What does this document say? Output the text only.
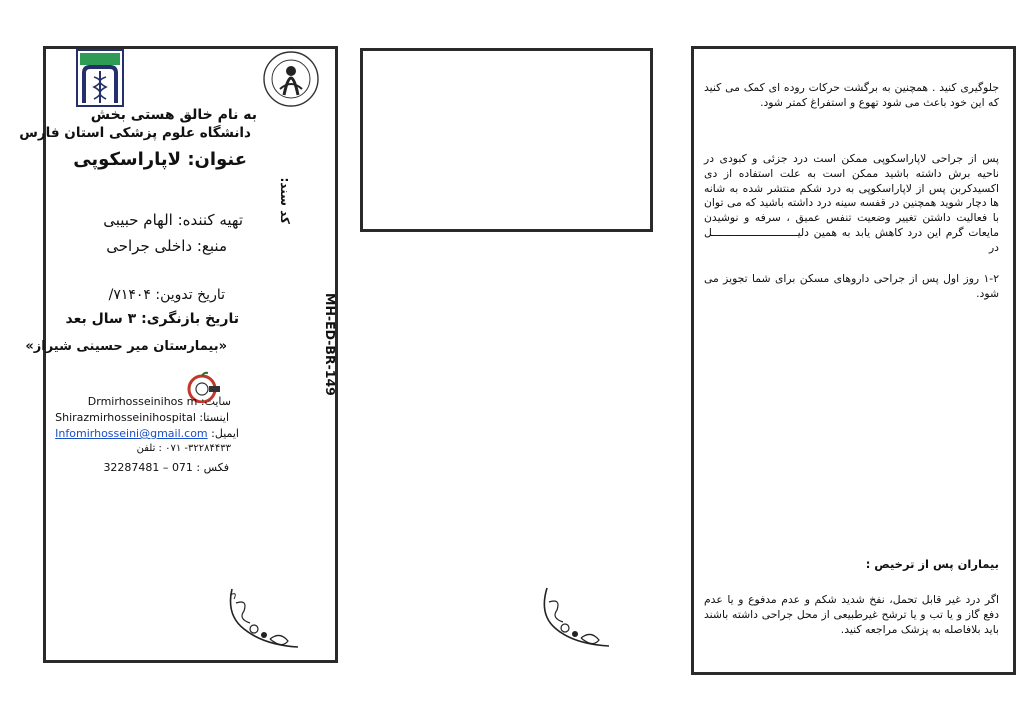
به نام خالق هستی بخش
دانشگاه علوم پزشکی استان فارس
عنوان: لاپاراسکوپی
تهیه کننده: الهام حبیبی
منبع: داخلی جراحی
تاریخ تدوین: ۷۱۴۰۴/
تاریخ بازنگری: ۳ سال بعد
«بیمارستان میر حسینی شیراز»
کد سند:
MH-ED-BR-149
Drmirhosseinihos m :سایت
Shirazmirhosseinihospital :اینستا
Infomirhosseini@gmail.com :ایمیل
۳۲۲۸۴۴۳۳- ۰۷۱ : تلفن
فکس : 071 – 32287481
جلوگیری کنید . همچنین به برگشت حرکات روده ای کمک می کنید که این خود باعث می شود تهوع و استفراغ کمتر شود.
پس از جراحی لاپاراسکوپی ممکن است درد جزئی و کبودی در ناحیه برش داشته باشید ممکن است به علت استفاده از دی اکسیدکربن پس از لاپاراسکوپی به درد شکم منتشر شده به شانه ها دچار شوید همچنین در قفسه سینه درد داشته باشید که می توان با فعالیت داشتن تغییر وضعیت تنفس عمیق ، سرفه و نوشیدن مایعات گرم این درد کاهش یابد به همین دلیـــــــــــــــــــــــــــل در
۱-۲ روز اول پس از جراحی داروهای مسکن برای شما تجویز می شود.
بیماران پس از ترخیص :
اگر درد غیر قابل تحمل، نفخ شدید شکم و عدم مدفوع و یا عدم دفع گاز و یا تب و یا ترشح غیرطبیعی از محل جراحی داشته باشند باید بلافاصله به پزشک مراجعه کنید.
